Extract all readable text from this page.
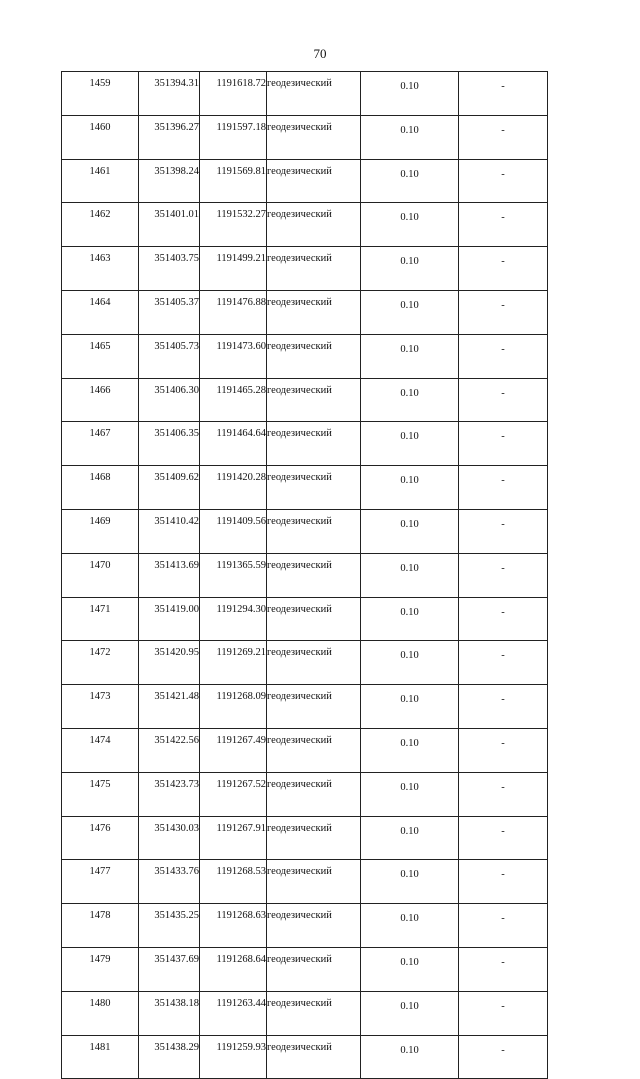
70
1459	351394.31	1191618.72	геодезический	0.10	-
1460	351396.27	1191597.18	геодезический	0.10	-
1461	351398.24	1191569.81	геодезический	0.10	-
1462	351401.01	1191532.27	геодезический	0.10	-
1463	351403.75	1191499.21	геодезический	0.10	-
1464	351405.37	1191476.88	геодезический	0.10	-
1465	351405.73	1191473.60	геодезический	0.10	-
1466	351406.30	1191465.28	геодезический	0.10	-
1467	351406.35	1191464.64	геодезический	0.10	-
1468	351409.62	1191420.28	геодезический	0.10	-
1469	351410.42	1191409.56	геодезический	0.10	-
1470	351413.69	1191365.59	геодезический	0.10	-
1471	351419.00	1191294.30	геодезический	0.10	-
1472	351420.95	1191269.21	геодезический	0.10	-
1473	351421.48	1191268.09	геодезический	0.10	-
1474	351422.56	1191267.49	геодезический	0.10	-
1475	351423.73	1191267.52	геодезический	0.10	-
1476	351430.03	1191267.91	геодезический	0.10	-
1477	351433.76	1191268.53	геодезический	0.10	-
1478	351435.25	1191268.63	геодезический	0.10	-
1479	351437.69	1191268.64	геодезический	0.10	-
1480	351438.18	1191263.44	геодезический	0.10	-
1481	351438.29	1191259.93	геодезический	0.10	-
